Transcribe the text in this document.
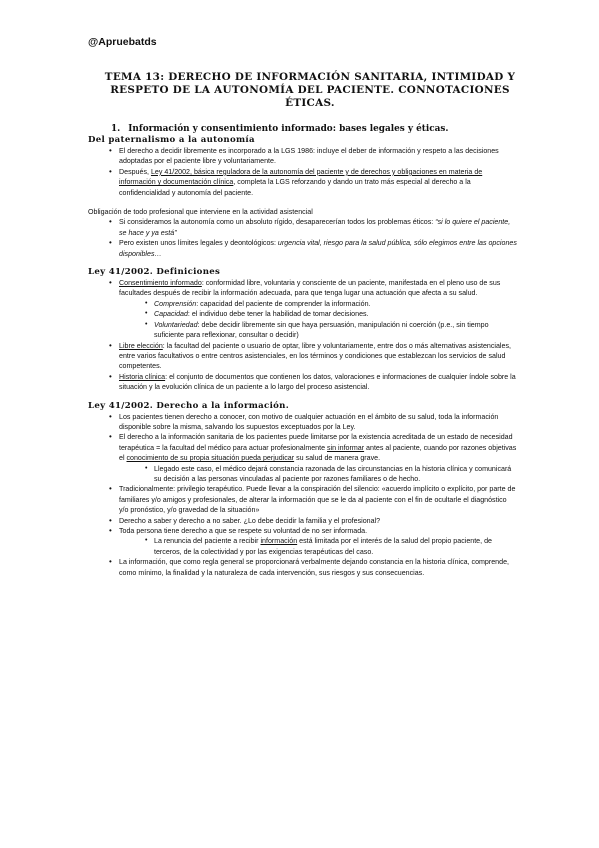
@Apruebatds
TEMA 13: DERECHO DE INFORMACIÓN SANITARIA, INTIMIDAD Y RESPETO DE LA AUTONOMÍA DEL PACIENTE. CONNOTACIONES ÉTICAS.
1. Información y consentimiento informado: bases legales y éticas.
Del paternalismo a la autonomía
• El derecho a decidir libremente es incorporado a la LGS 1986: incluye el deber de información y respeto a las decisiones adoptadas por el paciente libre y voluntariamente.
• Después, Ley 41/2002, básica reguladora de la autonomía del paciente y de derechos y obligaciones en materia de información y documentación clínica, completa la LGS reforzando y dando un trato más especial al derecho a la confidencialidad y autonomía del paciente.
Obligación de todo profesional que interviene en la actividad asistencial
• Si consideramos la autonomía como un absoluto rígido, desaparecerían todos los problemas éticos: “si lo quiere el paciente, se hace y ya está”
• Pero existen unos límites legales y deontológicos: urgencia vital, riesgo para la salud pública, sólo elegimos entre las opciones disponibles…
Ley 41/2002. Definiciones
• Consentimiento informado: conformidad libre, voluntaria y consciente de un paciente, manifestada en el pleno uso de sus facultades después de recibir la información adecuada, para que tenga lugar una actuación que afecta a su salud.
• Comprensión: capacidad del paciente de comprender la información.
• Capacidad: el individuo debe tener la habilidad de tomar decisiones.
• Voluntariedad: debe decidir libremente sin que haya persuasión, manipulación ni coerción (p.e., sin tiempo suficiente para reflexionar, consultar o decidir)
• Libre elección: la facultad del paciente o usuario de optar, libre y voluntariamente, entre dos o más alternativas asistenciales, entre varios facultativos o entre centros asistenciales, en los términos y condiciones que establezcan los servicios de salud competentes.
• Historia clínica: el conjunto de documentos que contienen los datos, valoraciones e informaciones de cualquier índole sobre la situación y la evolución clínica de un paciente a lo largo del proceso asistencial.
Ley 41/2002. Derecho a la información.
• Los pacientes tienen derecho a conocer, con motivo de cualquier actuación en el ámbito de su salud, toda la información disponible sobre la misma, salvando los supuestos exceptuados por la Ley.
• El derecho a la información sanitaria de los pacientes puede limitarse por la existencia acreditada de un estado de necesidad terapéutica = la facultad del médico para actuar profesionalmente sin informar antes al paciente, cuando por razones objetivas el conocimiento de su propia situación pueda perjudicar su salud de manera grave.
• Llegado este caso, el médico dejará constancia razonada de las circunstancias en la historia clínica y comunicará su decisión a las personas vinculadas al paciente por razones familiares o de hecho.
• Tradicionalmente: privilegio terapéutico. Puede llevar a la conspiración del silencio: «acuerdo implícito o explícito, por parte de familiares y/o amigos y profesionales, de alterar la información que se le da al paciente con el fin de ocultarle el diagnóstico y/o pronóstico, y/o gravedad de la situación»
• Derecho a saber y derecho a no saber. ¿Lo debe decidir la familia y el profesional?
• Toda persona tiene derecho a que se respete su voluntad de no ser informada.
• La renuncia del paciente a recibir información está limitada por el interés de la salud del propio paciente, de terceros, de la colectividad y por las exigencias terapéuticas del caso.
• La información, que como regla general se proporcionará verbalmente dejando constancia en la historia clínica, comprende, como mínimo, la finalidad y la naturaleza de cada intervención, sus riesgos y sus consecuencias.
